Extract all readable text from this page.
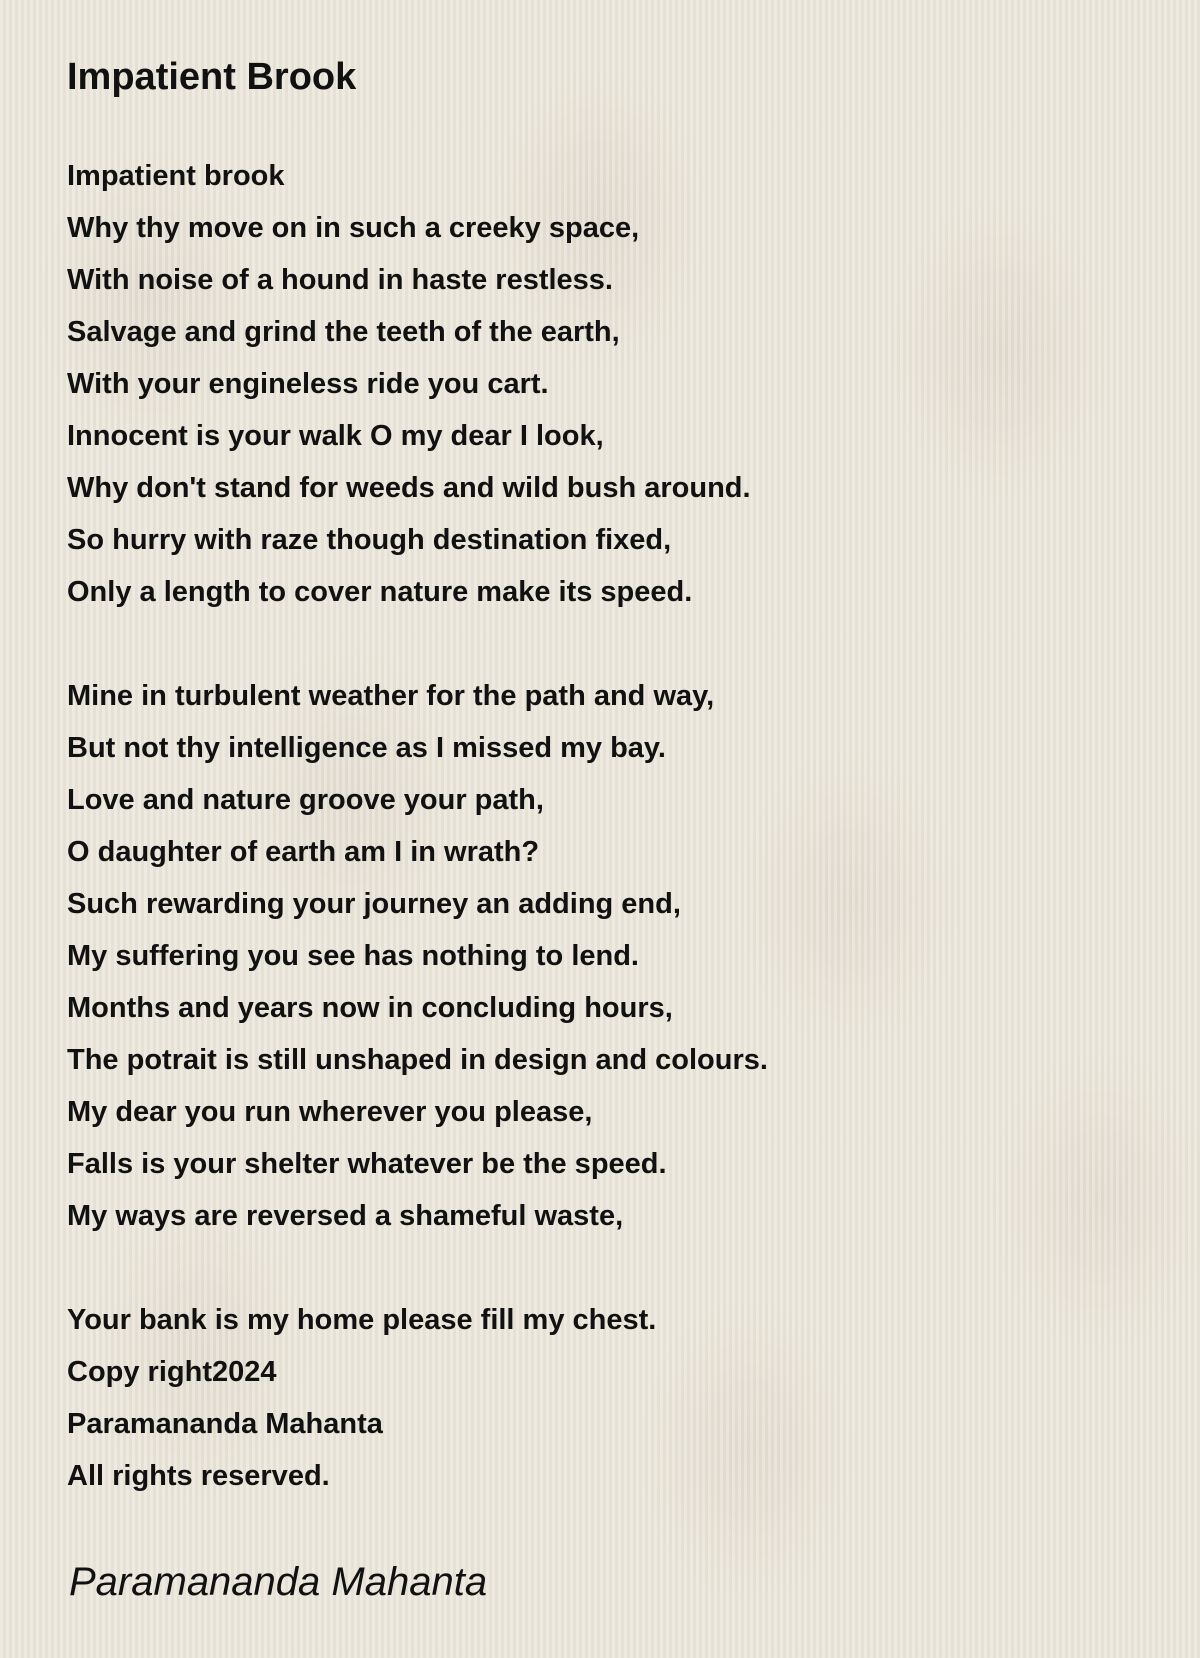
Impatient Brook
Impatient brook
Why thy move on in such a creeky space,
With noise of a hound in haste restless.
Salvage and grind the teeth of the earth,
With your engineless ride you cart.
Innocent is your walk O my dear I look,
Why don't stand for weeds and wild bush around.
So hurry with raze though destination fixed,
Only a length to cover nature make its speed.
Mine in turbulent weather for the path and way,
But not thy intelligence as I missed my bay.
Love and nature groove your path,
O daughter of earth am I in wrath?
Such rewarding your journey an adding end,
My suffering you see has nothing to lend.
Months and years now in concluding hours,
The potrait is still unshaped in design and colours.
My dear you run wherever you please,
Falls is your shelter whatever be the speed.
My ways are reversed a shameful waste,
Your bank is my home please fill my chest.
Copy right2024
Paramananda Mahanta
All rights reserved.
Paramananda Mahanta
